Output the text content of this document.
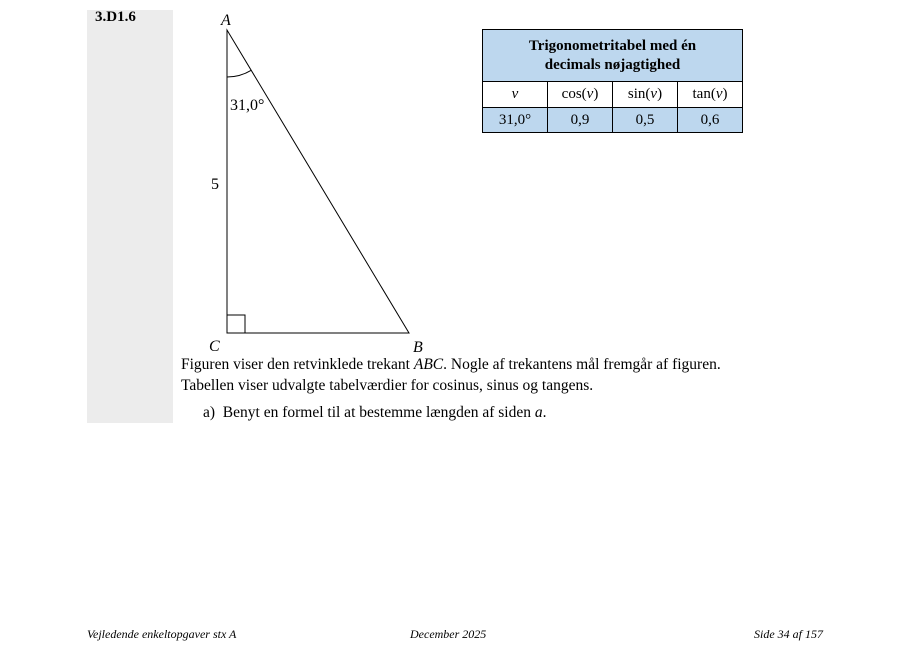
3.D1.6	A
C	B
31,0°
5
Trigonometritabel med én
decimals nøjagtighed			
v	cos(v)	sin(v)	tan(v)
31,0°	0,9	0,5	0,6
Figuren viser den retvinklede trekant ABC. Nogle af trekantens mål fremgår af figuren.
Tabellen viser udvalgte tabelværdier for cosinus, sinus og tangens.
a) Benyt en formel til at bestemme længden af siden a.
Vejledende enkeltopgaver stx A	December 2025	Side 34 af 157
